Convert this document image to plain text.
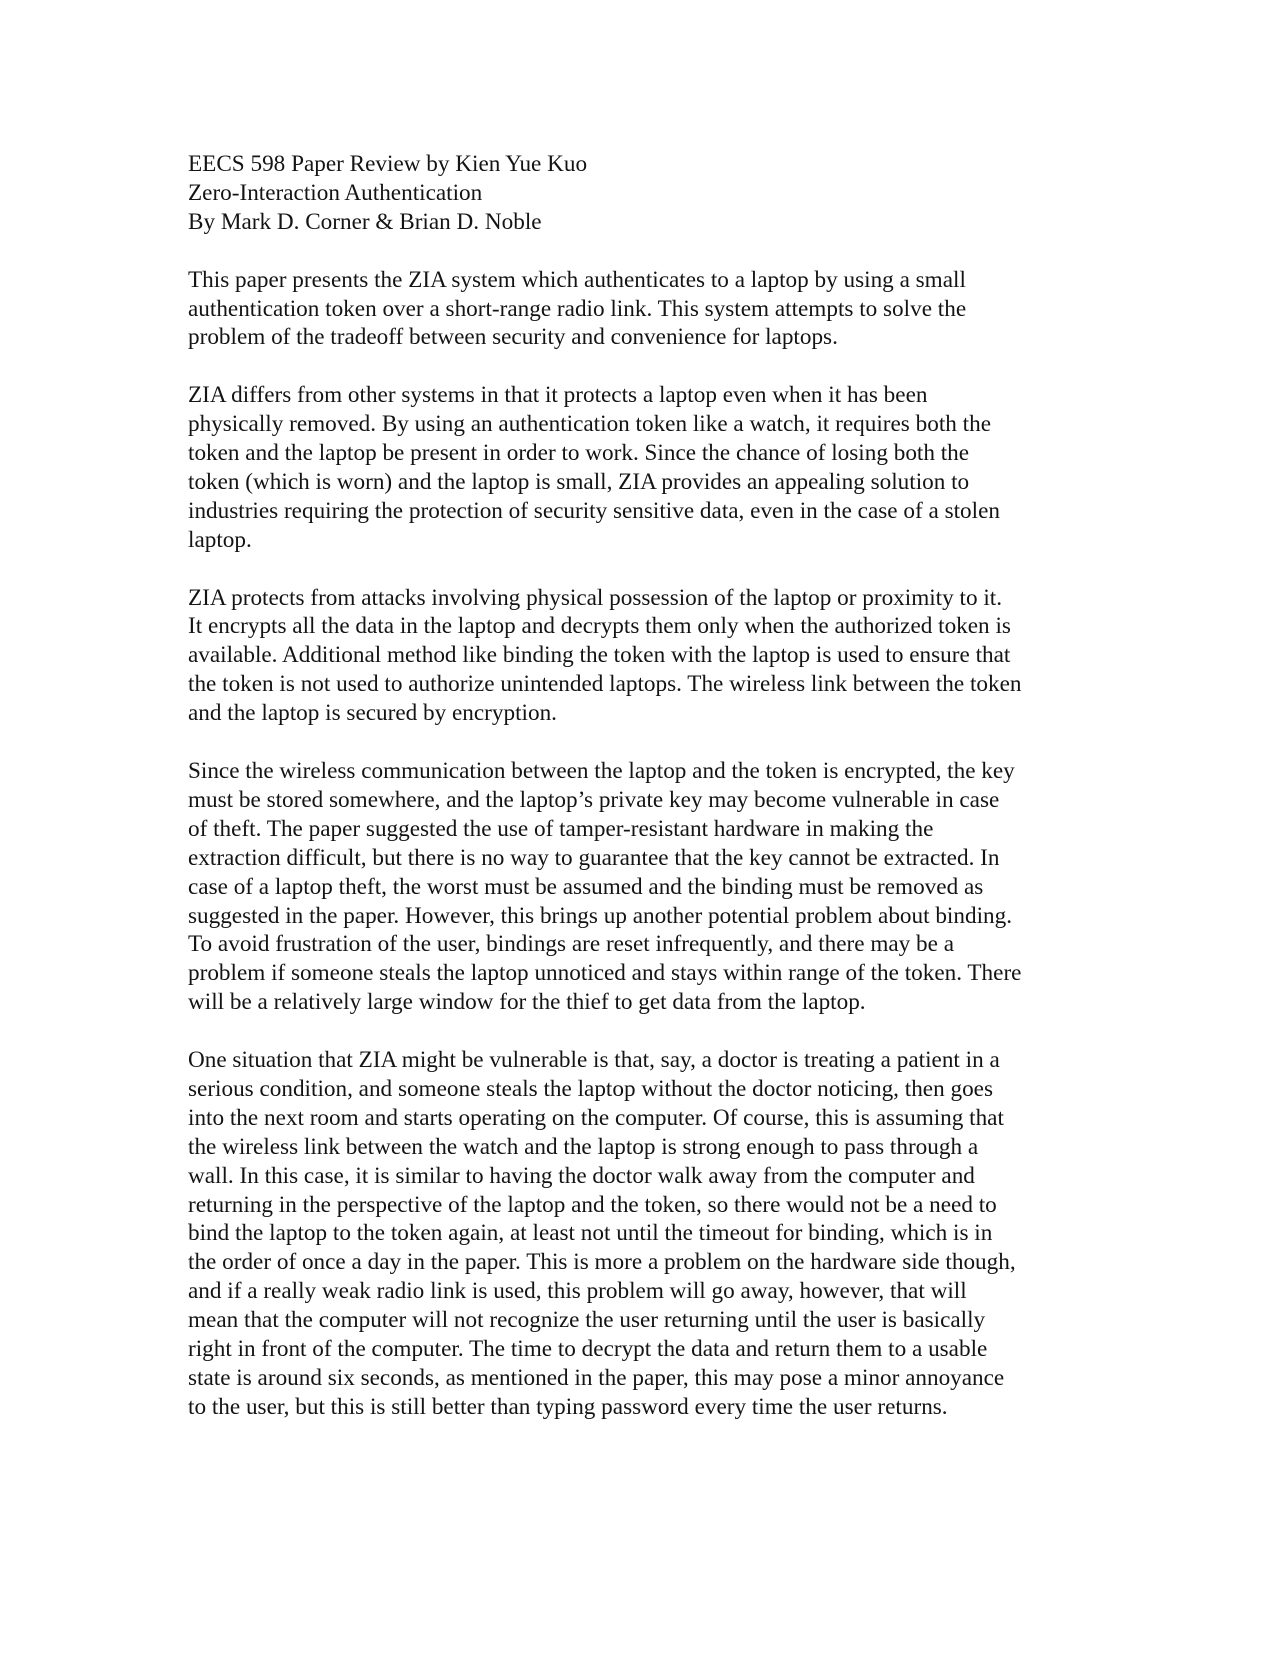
EECS 598 Paper Review by Kien Yue Kuo
Zero-Interaction Authentication
By Mark D. Corner & Brian D. Noble

This paper presents the ZIA system which authenticates to a laptop by using a small
authentication token over a short-range radio link. This system attempts to solve the
problem of the tradeoff between security and convenience for laptops.

ZIA differs from other systems in that it protects a laptop even when it has been
physically removed. By using an authentication token like a watch, it requires both the
token and the laptop be present in order to work. Since the chance of losing both the
token (which is worn) and the laptop is small, ZIA provides an appealing solution to
industries requiring the protection of security sensitive data, even in the case of a stolen
laptop.

ZIA protects from attacks involving physical possession of the laptop or proximity to it.
It encrypts all the data in the laptop and decrypts them only when the authorized token is
available. Additional method like binding the token with the laptop is used to ensure that
the token is not used to authorize unintended laptops. The wireless link between the token
and the laptop is secured by encryption.

Since the wireless communication between the laptop and the token is encrypted, the key
must be stored somewhere, and the laptop’s private key may become vulnerable in case
of theft. The paper suggested the use of tamper-resistant hardware in making the
extraction difficult, but there is no way to guarantee that the key cannot be extracted. In
case of a laptop theft, the worst must be assumed and the binding must be removed as
suggested in the paper. However, this brings up another potential problem about binding.
To avoid frustration of the user, bindings are reset infrequently, and there may be a
problem if someone steals the laptop unnoticed and stays within range of the token. There
will be a relatively large window for the thief to get data from the laptop.

One situation that ZIA might be vulnerable is that, say, a doctor is treating a patient in a
serious condition, and someone steals the laptop without the doctor noticing, then goes
into the next room and starts operating on the computer. Of course, this is assuming that
the wireless link between the watch and the laptop is strong enough to pass through a
wall. In this case, it is similar to having the doctor walk away from the computer and
returning in the perspective of the laptop and the token, so there would not be a need to
bind the laptop to the token again, at least not until the timeout for binding, which is in
the order of once a day in the paper. This is more a problem on the hardware side though,
and if a really weak radio link is used, this problem will go away, however, that will
mean that the computer will not recognize the user returning until the user is basically
right in front of the computer. The time to decrypt the data and return them to a usable
state is around six seconds, as mentioned in the paper, this may pose a minor annoyance
to the user, but this is still better than typing password every time the user returns.
